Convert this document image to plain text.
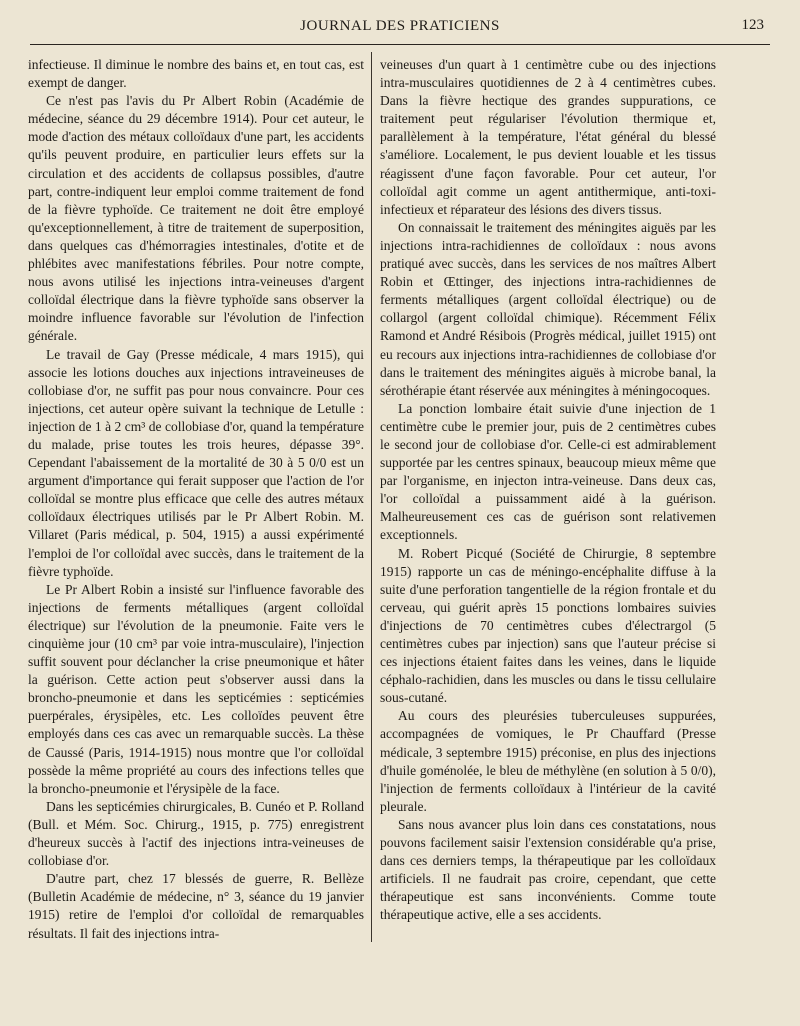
JOURNAL DES PRATICIENS	123

infectieuse. Il diminue le nombre des bains et, en tout cas, est exempt de danger.

Ce n'est pas l'avis du Pr Albert Robin (Académie de médecine, séance du 29 décembre 1914). Pour cet auteur, le mode d'action des métaux colloïdaux d'une part, les accidents qu'ils peuvent produire, en particulier leurs effets sur la circulation et des accidents de collapsus possibles, d'autre part, contre-indiquent leur emploi comme traitement de fond de la fièvre typhoïde. Ce traitement ne doit être employé qu'exceptionnellement, à titre de traitement de superposition, dans quelques cas d'hémorragies intestinales, d'otite et de phlébites avec manifestations fébriles. Pour notre compte, nous avons utilisé les injections intra-veineuses d'argent colloïdal électrique dans la fièvre typhoïde sans observer la moindre influence favorable sur l'évolution de l'infection générale.

Le travail de Gay (Presse médicale, 4 mars 1915), qui associe les lotions douches aux injections intraveineuses de collobiase d'or, ne suffit pas pour nous convaincre. Pour ces injections, cet auteur opère suivant la technique de Letulle : injection de 1 à 2 cm³ de collobiase d'or, quand la température du malade, prise toutes les trois heures, dépasse 39°. Cependant l'abaissement de la mortalité de 30 à 5 0/0 est un argument d'importance qui ferait supposer que l'action de l'or colloïdal se montre plus efficace que celle des autres métaux colloïdaux électriques utilisés par le Pr Albert Robin. M. Villaret (Paris médical, p. 504, 1915) a aussi expérimenté l'emploi de l'or colloïdal avec succès, dans le traitement de la fièvre typhoïde.

Le Pr Albert Robin a insisté sur l'influence favorable des injections de ferments métalliques (argent colloïdal électrique) sur l'évolution de la pneumonie. Faite vers le cinquième jour (10 cm³ par voie intra-musculaire), l'injection suffit souvent pour déclancher la crise pneumonique et hâter la guérison. Cette action peut s'observer aussi dans la broncho-pneumonie et dans les septicémies : septicémies puerpérales, érysipèles, etc. Les colloïdes peuvent être employés dans ces cas avec un remarquable succès. La thèse de Caussé (Paris, 1914-1915) nous montre que l'or colloïdal possède la même propriété au cours des infections telles que la broncho-pneumonie et l'érysipèle de la face.

Dans les septicémies chirurgicales, B. Cunéo et P. Rolland (Bull. et Mém. Soc. Chirurg., 1915, p. 775) enregistrent d'heureux succès à l'actif des injections intra-veineuses de collobiase d'or.

D'autre part, chez 17 blessés de guerre, R. Bellèze (Bulletin Académie de médecine, n° 3, séance du 19 janvier 1915) retire de l'emploi d'or colloïdal de remarquables résultats. Il fait des injections intra-

veineuses d'un quart à 1 centimètre cube ou des injections intra-musculaires quotidiennes de 2 à 4 centimètres cubes. Dans la fièvre hectique des grandes suppurations, ce traitement peut régulariser l'évolution thermique et, parallèlement à la température, l'état général du blessé s'améliore. Localement, le pus devient louable et les tissus réagissent d'une façon favorable. Pour cet auteur, l'or colloïdal agit comme un agent antithermique, anti-toxi-infectieux et réparateur des lésions des divers tissus.

On connaissait le traitement des méningites aiguës par les injections intra-rachidiennes de colloïdaux : nous avons pratiqué avec succès, dans les services de nos maîtres Albert Robin et Œttinger, des injections intra-rachidiennes de ferments métalliques (argent colloïdal électrique) ou de collargol (argent colloïdal chimique). Récemment Félix Ramond et André Résibois (Progrès médical, juillet 1915) ont eu recours aux injections intra-rachidiennes de collobiase d'or dans le traitement des méningites aiguës à microbe banal, la sérothérapie étant réservée aux méningites à méningocoques.

La ponction lombaire était suivie d'une injection de 1 centimètre cube le premier jour, puis de 2 centimètres cubes le second jour de collobiase d'or. Celle-ci est admirablement supportée par les centres spinaux, beaucoup mieux même que par l'organisme, en injecton intra-veineuse. Dans deux cas, l'or colloïdal a puissamment aidé à la guérison. Malheureusement ces cas de guérison sont relativemen exceptionnels.

M. Robert Picqué (Société de Chirurgie, 8 septembre 1915) rapporte un cas de méningo-encéphalite diffuse à la suite d'une perforation tangentielle de la région frontale et du cerveau, qui guérit après 15 ponctions lombaires suivies d'injections de 70 centimètres cubes d'électrargol (5 centimètres cubes par injection) sans que l'auteur précise si ces injections étaient faites dans les veines, dans le liquide céphalo-rachidien, dans les muscles ou dans le tissu cellulaire sous-cutané.

Au cours des pleurésies tuberculeuses suppurées, accompagnées de vomiques, le Pr Chauffard (Presse médicale, 3 septembre 1915) préconise, en plus des injections d'huile goménolée, le bleu de méthylène (en solution à 5 0/0), l'injection de ferments colloïdaux à l'intérieur de la cavité pleurale.

Sans nous avancer plus loin dans ces constatations, nous pouvons facilement saisir l'extension considérable qu'a prise, dans ces derniers temps, la thérapeutique par les colloïdaux artificiels. Il ne faudrait pas croire, cependant, que cette thérapeutique est sans inconvénients. Comme toute thérapeutique active, elle a ses accidents.
